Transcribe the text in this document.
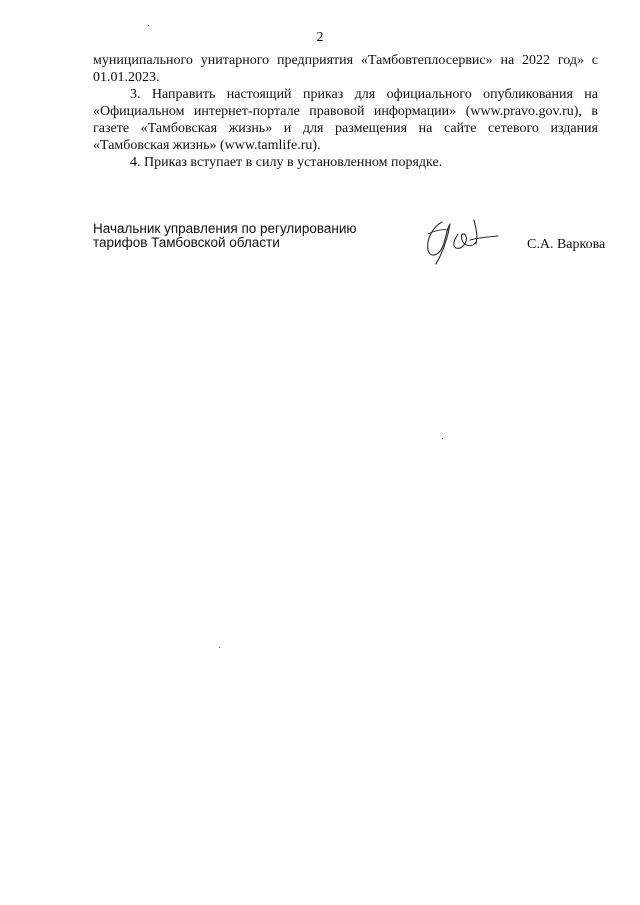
2

муниципального унитарного предприятия «Тамбовтеплосервис» на 2022 год» с 01.01.2023.

3. Направить настоящий приказ для официального опубликования на «Официальном интернет-портале правовой информации» (www.pravo.gov.ru), в газете «Тамбовская жизнь» и для размещения на сайте сетевого издания «Тамбовская жизнь» (www.tamlife.ru).

4. Приказ вступает в силу в установленном порядке.

Начальник управления по регулированию
тарифов Тамбовской области	С.А. Варкова
